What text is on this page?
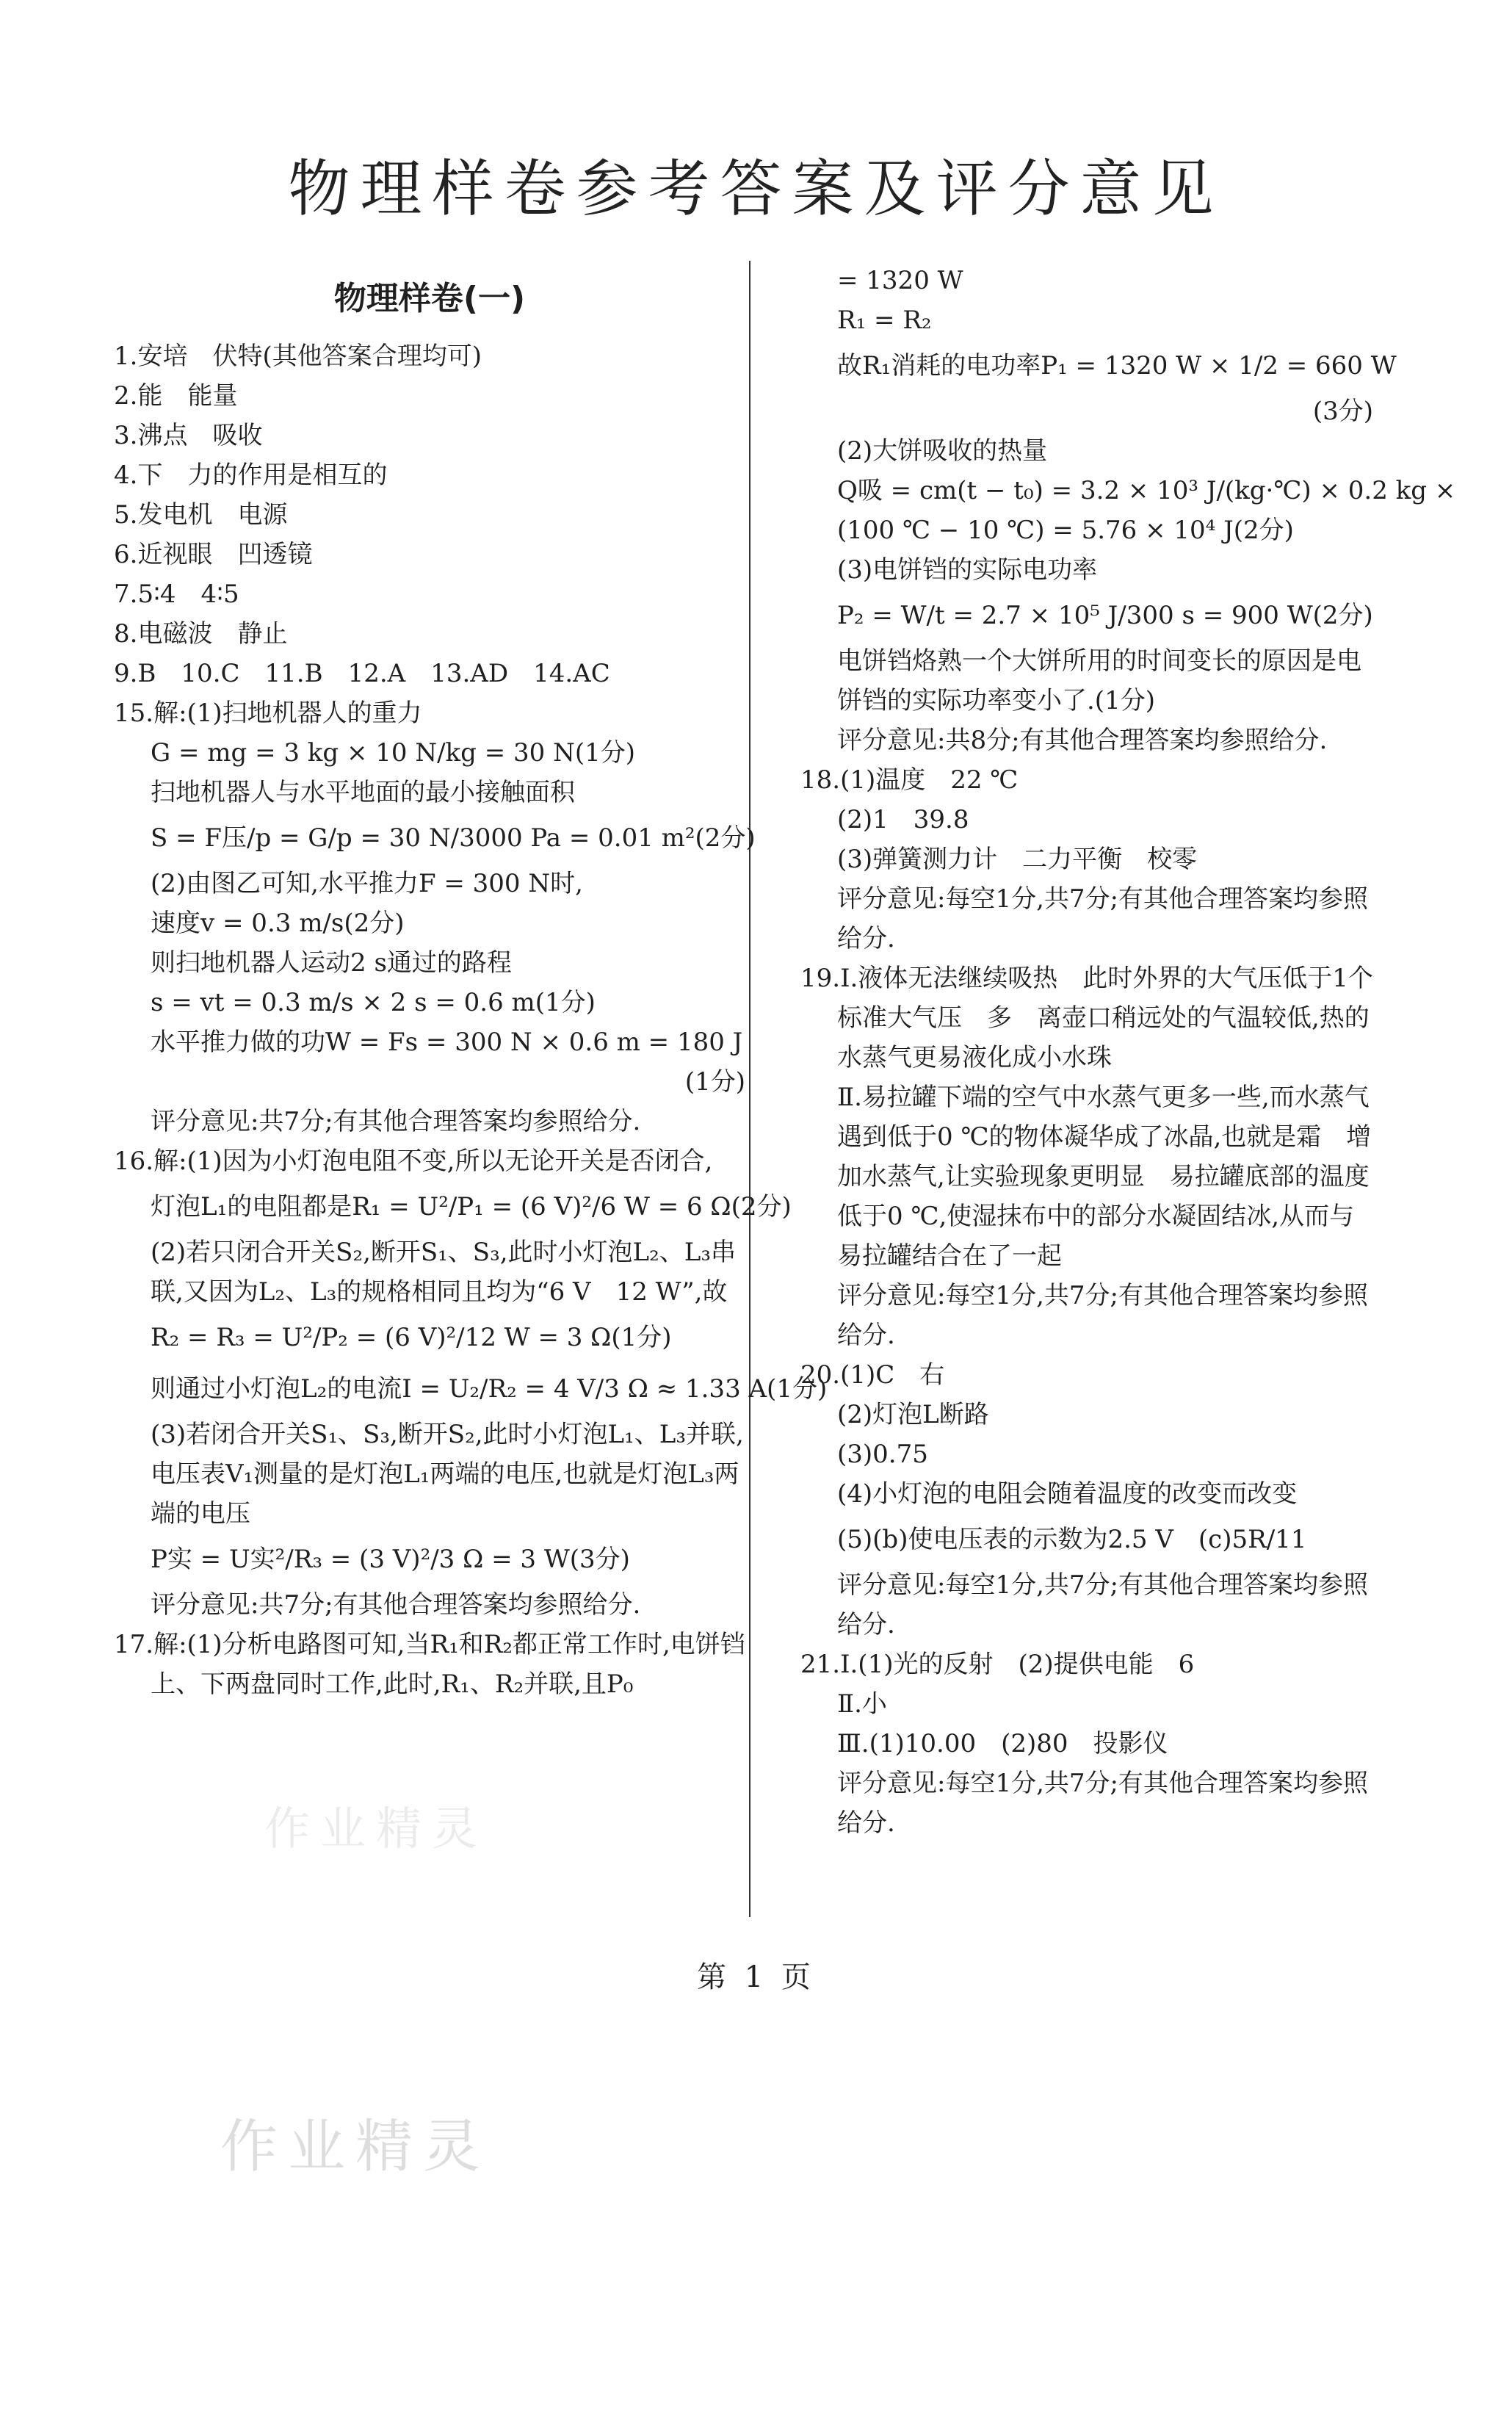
物理样卷参考答案及评分意见
物理样卷(一)
1.安培　伏特(其他答案合理均可)
2.能　能量
3.沸点　吸收
4.下　力的作用是相互的
5.发电机　电源
6.近视眼　凹透镜
7.5∶4　4∶5
8.电磁波　静止
9.B　10.C　11.B　12.A　13.AD　14.AC
15.解:(1)扫地机器人的重力
G = mg = 3 kg × 10 N/kg = 30 N(1分)
扫地机器人与水平地面的最小接触面积
S = F压/p = G/p = 30 N/3000 Pa = 0.01 m²(2分)
(2)由图乙可知,水平推力F = 300 N时,
速度v = 0.3 m/s(2分)
则扫地机器人运动2 s通过的路程
s = vt = 0.3 m/s × 2 s = 0.6 m(1分)
水平推力做的功W = Fs = 300 N × 0.6 m = 180 J
(1分)
评分意见:共7分;有其他合理答案均参照给分.
16.解:(1)因为小灯泡电阻不变,所以无论开关是否闭合,
灯泡L₁的电阻都是R₁ = U²/P₁ = (6 V)²/6 W = 6 Ω(2分)
(2)若只闭合开关S₂,断开S₁、S₃,此时小灯泡L₂、L₃串联,又因为L₂、L₃的规格相同且均为“6 V　12 W”,故
R₂ = R₃ = U²/P₂ = (6 V)²/12 W = 3 Ω(1分)
则通过小灯泡L₂的电流I = U₂/R₂ = 4 V/3 Ω ≈ 1.33 A(1分)
(3)若闭合开关S₁、S₃,断开S₂,此时小灯泡L₁、L₃并联,电压表V₁测量的是灯泡L₁两端的电压,也就是灯泡L₃两端的电压
P实 = U实²/R₃ = (3 V)²/3 Ω = 3 W(3分)
评分意见:共7分;有其他合理答案均参照给分.
17.解:(1)分析电路图可知,当R₁和R₂都正常工作时,电饼铛上、下两盘同时工作,此时,R₁、R₂并联,且P₀
= 1320 W
R₁ = R₂
故R₁消耗的电功率P₁ = 1320 W × 1/2 = 660 W
(3分)
(2)大饼吸收的热量
Q吸 = cm(t − t₀) = 3.2 × 10³ J/(kg·℃) × 0.2 kg ×
(100 ℃ − 10 ℃) = 5.76 × 10⁴ J(2分)
(3)电饼铛的实际电功率
P₂ = W/t = 2.7 × 10⁵ J/300 s = 900 W(2分)
电饼铛烙熟一个大饼所用的时间变长的原因是电饼铛的实际功率变小了.(1分)
评分意见:共8分;有其他合理答案均参照给分.
18.(1)温度　22 ℃
(2)1　39.8
(3)弹簧测力计　二力平衡　校零
评分意见:每空1分,共7分;有其他合理答案均参照给分.
19.Ⅰ.液体无法继续吸热　此时外界的大气压低于1个标准大气压　多　离壶口稍远处的气温较低,热的水蒸气更易液化成小水珠
Ⅱ.易拉罐下端的空气中水蒸气更多一些,而水蒸气遇到低于0 ℃的物体凝华成了冰晶,也就是霜　增加水蒸气,让实验现象更明显　易拉罐底部的温度低于0 ℃,使湿抹布中的部分水凝固结冰,从而与易拉罐结合在了一起
评分意见:每空1分,共7分;有其他合理答案均参照给分.
20.(1)C　右
(2)灯泡L断路
(3)0.75
(4)小灯泡的电阻会随着温度的改变而改变
(5)(b)使电压表的示数为2.5 V　(c)5R/11
评分意见:每空1分,共7分;有其他合理答案均参照给分.
21.Ⅰ.(1)光的反射　(2)提供电能　6
Ⅱ.小
Ⅲ.(1)10.00　(2)80　投影仪
评分意见:每空1分,共7分;有其他合理答案均参照给分.
第 1 页
作业精灵
作业精灵
